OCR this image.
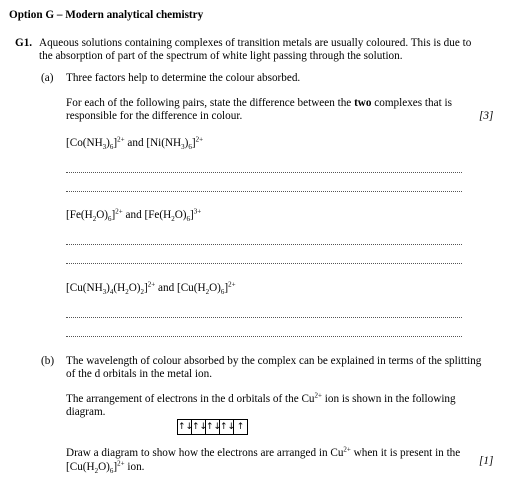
Option G – Modern analytical chemistry
G1. Aqueous solutions containing complexes of transition metals are usually coloured. This is due to
the absorption of part of the spectrum of white light passing through the solution.
(a) Three factors help to determine the colour absorbed.
For each of the following pairs, state the difference between the two complexes that is
responsible for the difference in colour.	[3]
$[Co(NH_3)_6]^{2+}$ and $[Ni(NH_3)_6]^{2+}$
$[Fe(H_2O)_6]^{2+}$ and $[Fe(H_2O)_6]^{3+}$
$[Cu(NH_3)_4(H_2O)_2]^{2+}$ and $[Cu(H_2O)_6]^{2+}$
(b) The wavelength of colour absorbed by the complex can be explained in terms of the splitting
of the d orbitals in the metal ion.
The arrangement of electrons in the d orbitals of the $Cu^{2+}$ ion is shown in the following
diagram.
↑↓
↑↓
↑↓
↑↓ ↑
Draw a diagram to show how the electrons are arranged in $Cu^{2+}$ when it is present in the
$[Cu(H_2O)_6]^{2+}$ ion.	[1]
